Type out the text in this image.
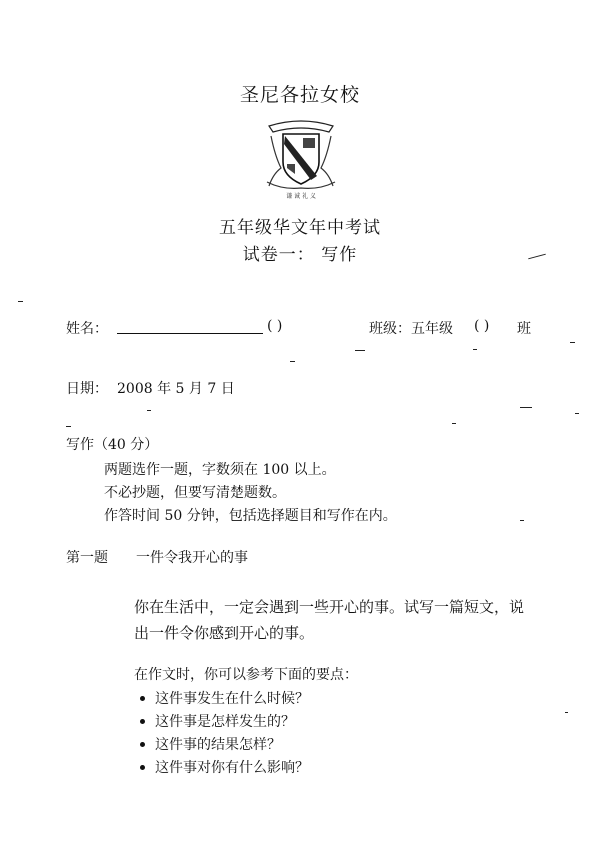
圣尼各拉女校
谦 诚 礼 义
五年级华文年中考试
试卷一： 写作
姓名：	( )	班级：五年级 ( ) 班
日期： 2008 年 5 月 7 日
写作（40 分）
两题选作一题，字数须在 100 以上。
不必抄题，但要写清楚题数。
作答时间 50 分钟，包括选择题目和写作在内。
第一题 一件令我开心的事
你在生活中，一定会遇到一些开心的事。试写一篇短文，说出一件令你感到开心的事。
在作文时，你可以参考下面的要点：
这件事发生在什么时候？
这件事是怎样发生的？
这件事的结果怎样？
这件事对你有什么影响？
